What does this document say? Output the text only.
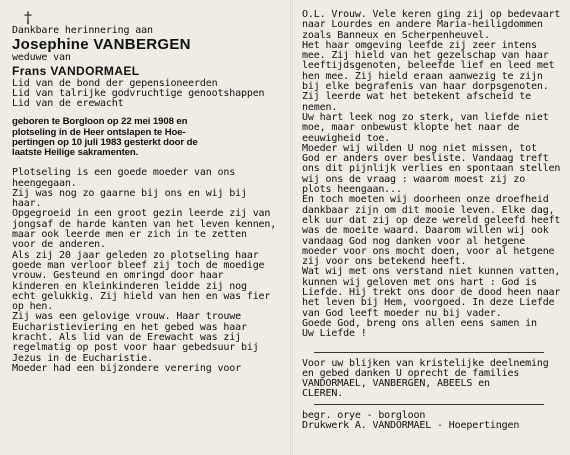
†
Dankbare herinnering aan
Josephine VANBERGEN
weduwe van
Frans VANDORMAEL
Lid van de bond der gepensioneerden
Lid van talrijke godvruchtige genootshappen
Lid van de erewacht
geboren te Borgloon op 22 mei 1908 en
plotseling in de Heer ontslapen te Hoe-
pertingen op 10 juli 1983 gesterkt door de
laatste Heilige sakramenten.
Plotseling is een goede moeder van ons
heengegaan.
Zij was nog zo gaarne bij ons en wij bij
haar.
Opgegroeid in een groot gezin leerde zij van
jongsaf de harde kanten van het leven kennen,
maar ook leerde men er zich in te zetten
voor de anderen.
Als zij 20 jaar geleden zo plotseling haar
goede man verloor bleef zij toch de moedige
vrouw. Gesteund en omringd door haar
kinderen en kleinkinderen leidde zij nog
echt gelukkig. Zij hield van hen en was fier
op hen.
Zij was een gelovige vrouw. Haar trouwe
Eucharistieviering en het gebed was haar
kracht. Als lid van de Erewacht was zij
regelmatig op post voor haar gebedsuur bij
Jezus in de Eucharistie.
Moeder had een bijzondere verering voor
O.L. Vrouw. Vele keren ging zij op bedevaart
naar Lourdes en andere Maria-heiligdommen
zoals Banneux en Scherpenheuvel.
Het haar omgeving leefde zij zeer intens
mee. Zij hield van het gezelschap van haar
leeftijdsgenoten, beleefde lief en leed met
hen mee. Zij hield eraan aanwezig te zijn
bij elke begrafenis van haar dorpsgenoten.
Zij leerde wat het betekent afscheid te
nemen.
Uw hart leek nog zo sterk, van liefde niet
moe, maar onbewust klopte het naar de
eeuwigheid toe.
Moeder wij wilden U nog niet missen, tot
God er anders over besliste. Vandaag treft
ons dit pijnlijk verlies en spontaan stellen
wij ons de vraag : waarom moest zij zo
plots heengaan...
En toch moeten wij doorheen onze droefheid
dankbaar zijn om dit mooie leven. Elke dag,
elk uur dat zij op deze wereld geleefd heeft
was de moeite waard. Daarom willen wij ook
vandaag God nog danken voor al hetgene
moeder voor ons mocht doen, voor al hetgene
zij voor ons betekend heeft.
Wat wij met ons verstand niet kunnen vatten,
kunnen wij geloven met ons hart : God is
Liefde. Hij trekt ons door de dood heen naar
het leven bij Hem, voorgoed. In deze Liefde
van God leeft moeder nu bij vader.
Goede God, breng ons allen eens samen in
Uw Liefde !
Voor uw blijken van kristelijke deelneming
en gebed danken U oprecht de families
VANDORMAEL, VANBERGEN, ABEELS en
CLEREN.
begr. orye - borgloon
Drukwerk A. VANDORMAEL - Hoepertingen
